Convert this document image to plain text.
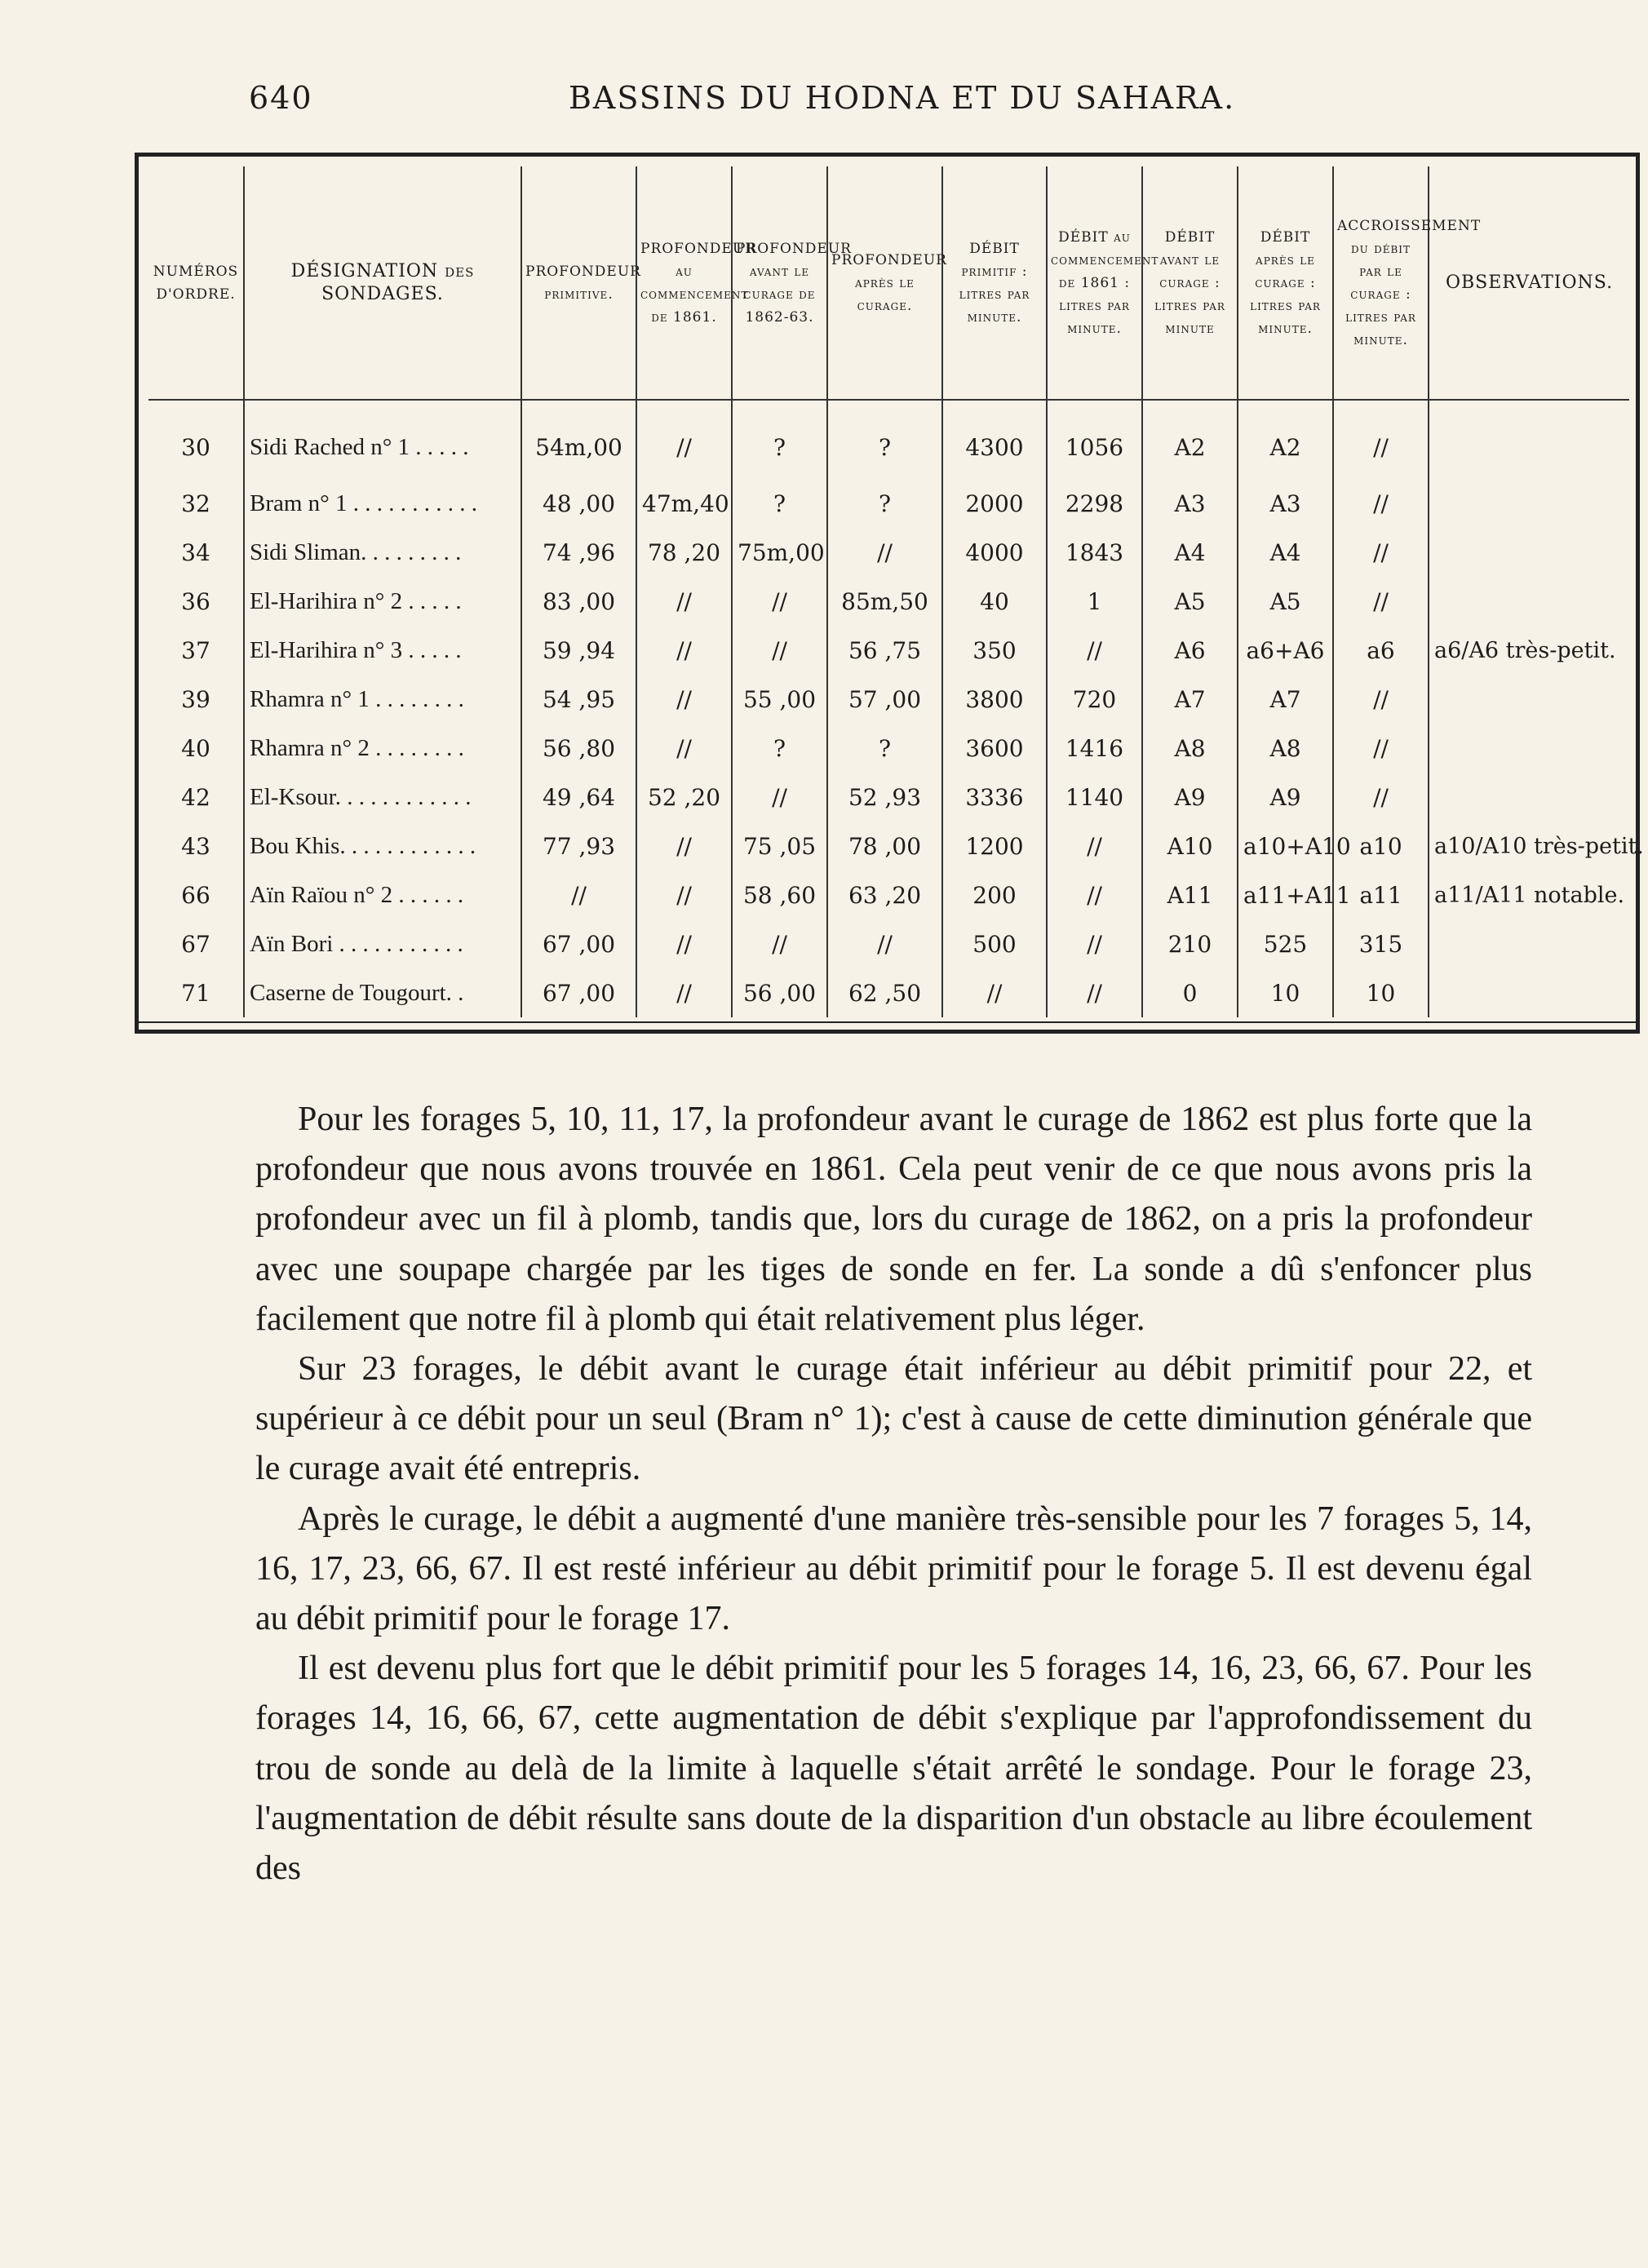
640	BASSINS DU HODNA ET DU SAHARA.
NUMÉROS D'ORDRE.	DÉSIGNATION des SONDAGES.	PROFONDEUR primitive.	PROFONDEUR au commencement de 1861.	PROFONDEUR avant le curage de 1862-63.	PROFONDEUR après le curage.	DÉBIT primitif : litres par minute.	DÉBIT au commencement de 1861 : litres par minute.	DÉBIT avant le curage : litres par minute	DÉBIT après le curage : litres par minute.	ACCROISSEMENT du débit par le curage : litres par minute.	OBSERVATIONS.
30	Sidi Rached n° 1 . . . . .	54m,00	//	?	?	4300	1056	A2	A2	//	
32	Bram n° 1 . . . . . . . . . . .	48 ,00	47m,40	?	?	2000	2298	A3	A3	//	
34	Sidi Sliman. . . . . . . . .	74 ,96	78 ,20	75m,00	//	4000	1843	A4	A4	//	
36	El-Harihira n° 2 . . . . .	83 ,00	//	//	85m,50	40	1	A5	A5	//	
37	El-Harihira n° 3 . . . . .	59 ,94	//	//	56 ,75	350	//	A6	a6+A6	a6	a6/A6 très-petit.
39	Rhamra n° 1 . . . . . . . .	54 ,95	//	55 ,00	57 ,00	3800	720	A7	A7	//	
40	Rhamra n° 2 . . . . . . . .	56 ,80	//	?	?	3600	1416	A8	A8	//	
42	El-Ksour. . . . . . . . . . . .	49 ,64	52 ,20	//	52 ,93	3336	1140	A9	A9	//	
43	Bou Khis. . . . . . . . . . . .	77 ,93	//	75 ,05	78 ,00	1200	//	A10	a10+A10	a10	a10/A10 très-petit.
66	Aïn Raïou n° 2 . . . . . .	//	//	58 ,60	63 ,20	200	//	A11	a11+A11	a11	a11/A11 notable.
67	Aïn Bori . . . . . . . . . . .	67 ,00	//	//	//	500	//	210	525	315	
71	Caserne de Tougourt. .	67 ,00	//	56 ,00	62 ,50	//	//	0	10	10	

Pour les forages 5, 10, 11, 17, la profondeur avant le curage de 1862 est plus forte que la profondeur que nous avons trouvée en 1861. Cela peut venir de ce que nous avons pris la profondeur avec un fil à plomb, tandis que, lors du curage de 1862, on a pris la profondeur avec une soupape chargée par les tiges de sonde en fer. La sonde a dû s'enfoncer plus facilement que notre fil à plomb qui était relativement plus léger.

Sur 23 forages, le débit avant le curage était inférieur au débit primitif pour 22, et supérieur à ce débit pour un seul (Bram n° 1); c'est à cause de cette diminution générale que le curage avait été entrepris.

Après le curage, le débit a augmenté d'une manière très-sensible pour les 7 forages 5, 14, 16, 17, 23, 66, 67. Il est resté inférieur au débit primitif pour le forage 5. Il est devenu égal au débit primitif pour le forage 17.

Il est devenu plus fort que le débit primitif pour les 5 forages 14, 16, 23, 66, 67. Pour les forages 14, 16, 66, 67, cette augmentation de débit s'explique par l'approfondissement du trou de sonde au delà de la limite à laquelle s'était arrêté le sondage. Pour le forage 23, l'augmentation de débit résulte sans doute de la disparition d'un obstacle au libre écoulement des
